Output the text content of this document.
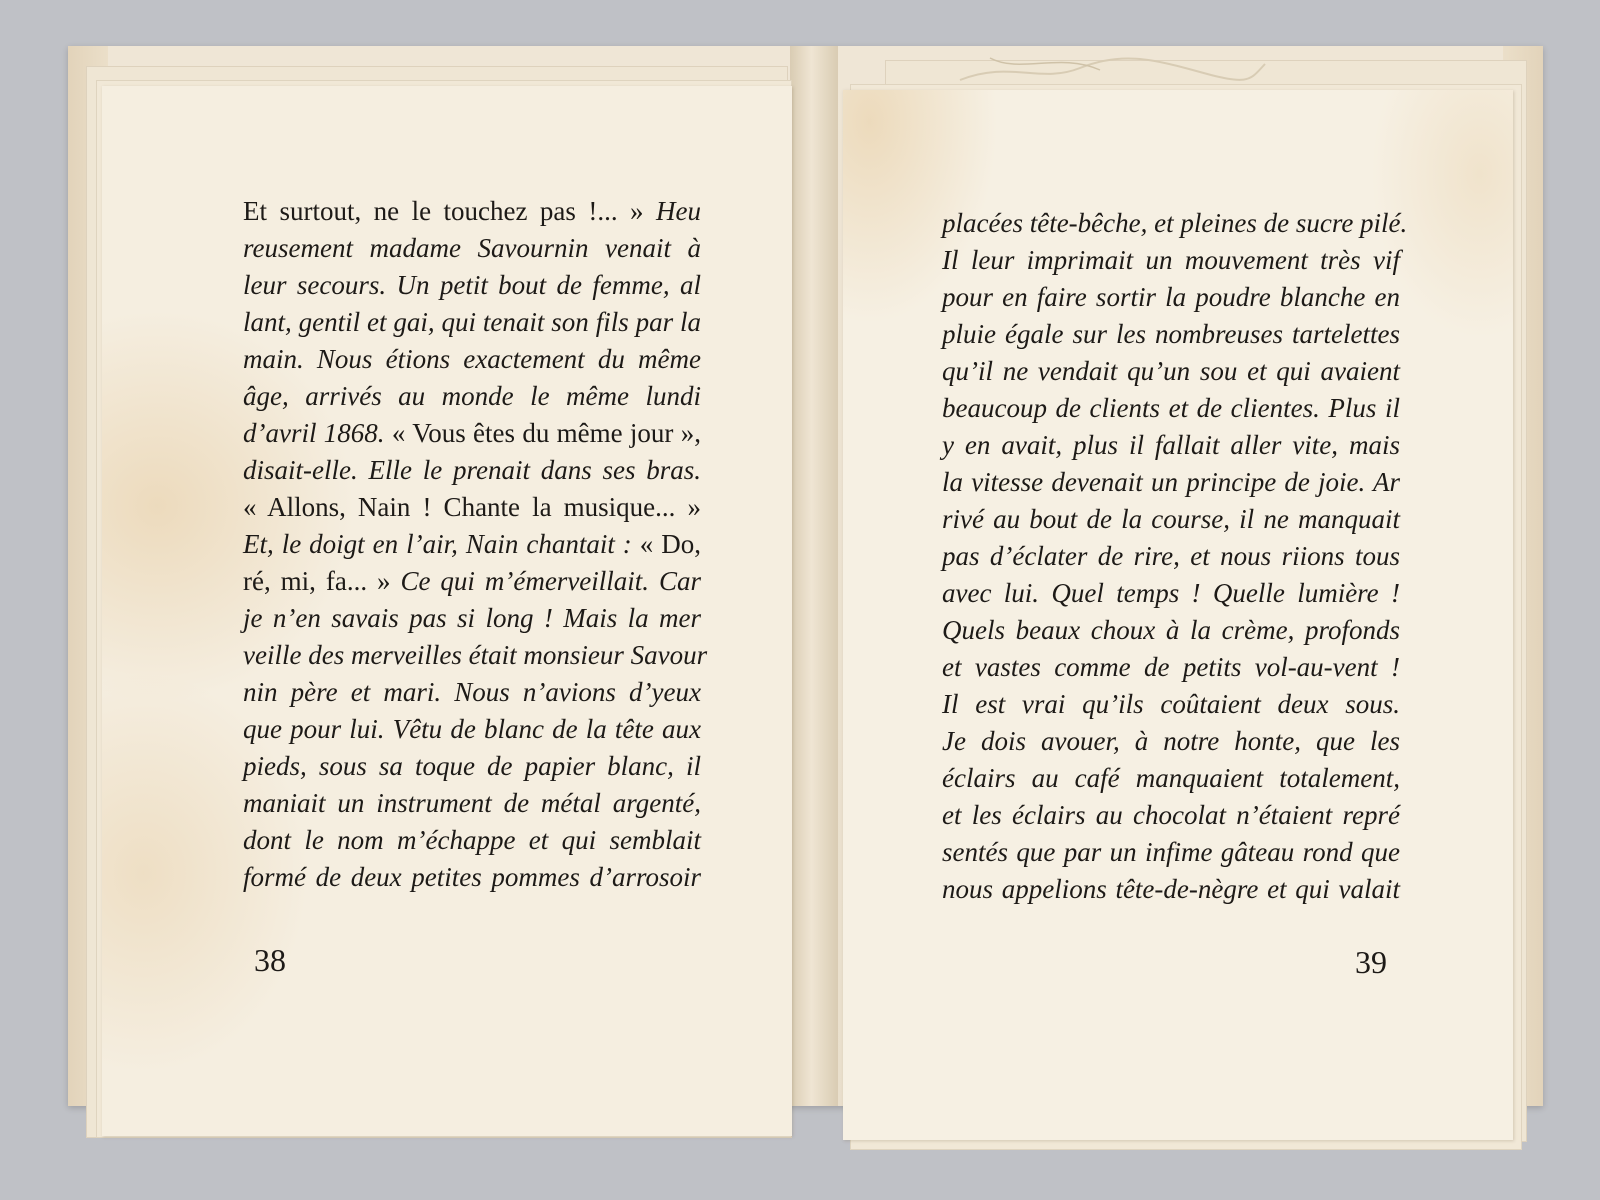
Et surtout, ne le touchez pas !... » Heu
reusement madame Savournin venait à
leur secours. Un petit bout de femme, al
lant, gentil et gai, qui tenait son fils par la
main. Nous étions exactement du même
âge, arrivés au monde le même lundi
d’avril 1868. « Vous êtes du même jour »,
disait-elle. Elle le prenait dans ses bras.
« Allons, Nain ! Chante la musique... »
Et, le doigt en l’air, Nain chantait : « Do,
ré, mi, fa... » Ce qui m’émerveillait. Car
je n’en savais pas si long ! Mais la mer
veille des merveilles était monsieur Savour
nin père et mari. Nous n’avions d’yeux
que pour lui. Vêtu de blanc de la tête aux
pieds, sous sa toque de papier blanc, il
maniait un instrument de métal argenté,
dont le nom m’échappe et qui semblait
formé de deux petites pommes d’arrosoir
38
placées tête-bêche, et pleines de sucre pilé.
Il leur imprimait un mouvement très vif
pour en faire sortir la poudre blanche en
pluie égale sur les nombreuses tartelettes
qu’il ne vendait qu’un sou et qui avaient
beaucoup de clients et de clientes. Plus il
y en avait, plus il fallait aller vite, mais
la vitesse devenait un principe de joie. Ar
rivé au bout de la course, il ne manquait
pas d’éclater de rire, et nous riions tous
avec lui. Quel temps ! Quelle lumière !
Quels beaux choux à la crème, profonds
et vastes comme de petits vol-au-vent !
Il est vrai qu’ils coûtaient deux sous.
Je dois avouer, à notre honte, que les
éclairs au café manquaient totalement,
et les éclairs au chocolat n’étaient repré
sentés que par un infime gâteau rond que
nous appelions tête-de-nègre et qui valait
39
